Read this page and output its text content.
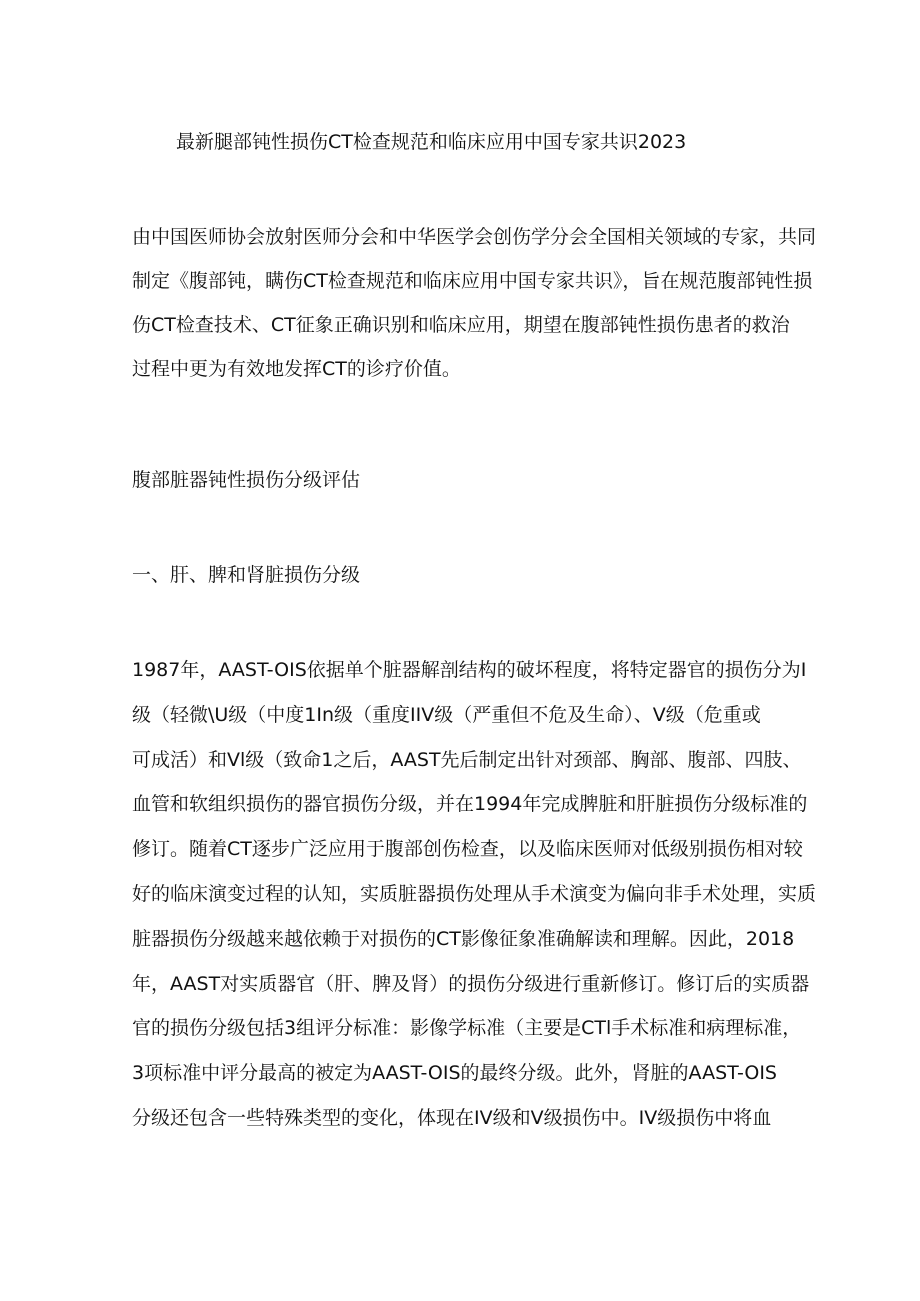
最新腿部钝性损伤CT检查规范和临床应用中国专家共识2023
由中国医师协会放射医师分会和中华医学会创伤学分会全国相关领域的专家，共同
制定《腹部钝，瞒伤CT检查规范和临床应用中国专家共识》，旨在规范腹部钝性损
伤CT检查技术、CT征象正确识别和临床应用，期望在腹部钝性损伤患者的救治
过程中更为有效地发挥CT的诊疗价值。
腹部脏器钝性损伤分级评估
一、肝、脾和肾脏损伤分级
1987年，AAST-OIS依据单个脏器解剖结构的破坏程度，将特定器官的损伤分为I
级（轻微\U级（中度1In级（重度IIV级（严重但不危及生命）、V级（危重或
可成活）和Vl级（致命1之后，AAST先后制定出针对颈部、胸部、腹部、四肢、
血管和软组织损伤的器官损伤分级，并在1994年完成脾脏和肝脏损伤分级标准的
修订。随着CT逐步广泛应用于腹部创伤检查，以及临床医师对低级别损伤相对较
好的临床演变过程的认知，实质脏器损伤处理从手术演变为偏向非手术处理，实质
脏器损伤分级越来越依赖于对损伤的CT影像征象准确解读和理解。因此，2018
年，AAST对实质器官（肝、脾及肾）的损伤分级进行重新修订。修订后的实质器
官的损伤分级包括3组评分标准：影像学标准（主要是CTl手术标准和病理标准，
3项标准中评分最高的被定为AAST-OIS的最终分级。此外，肾脏的AAST-OIS
分级还包含一些特殊类型的变化，体现在IV级和V级损伤中。IV级损伤中将血
